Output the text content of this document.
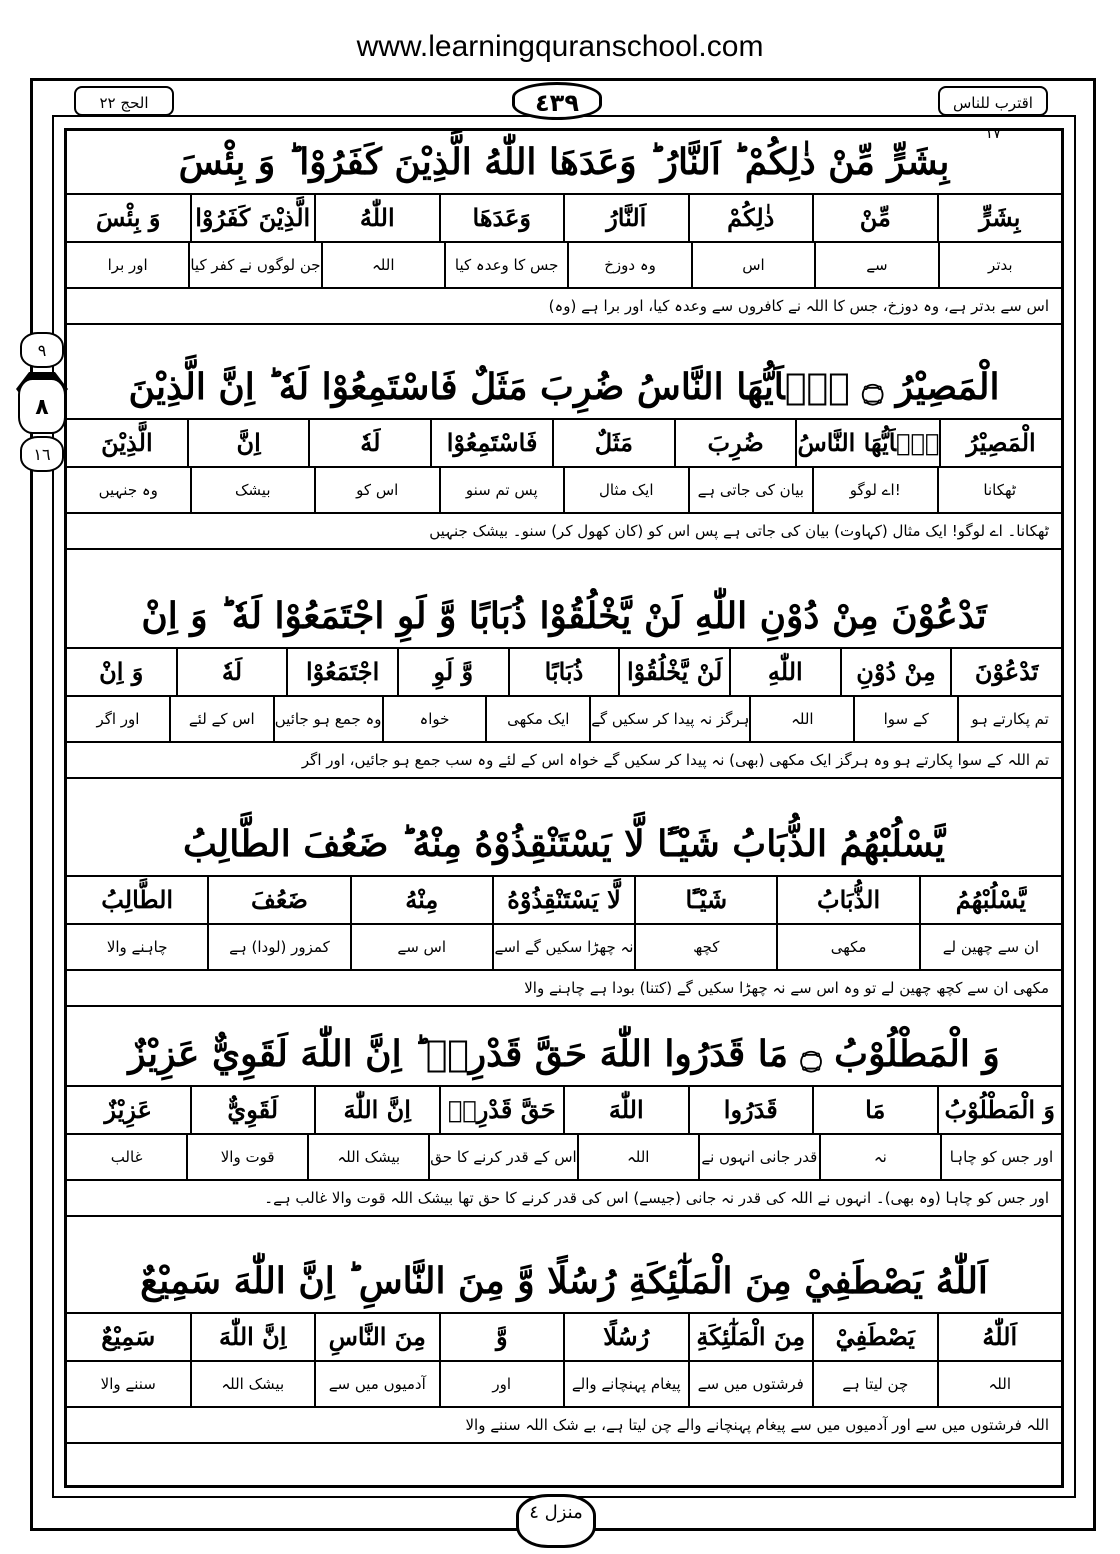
www.learningquranschool.com
الحج ٢٢	٤٣٩	اقترب للناس ١٧
٩
٨
١٦
بِشَرٍّ مِّنْ ذٰلِكُمْ ؕ اَلنَّارُ ؕ وَعَدَهَا اللّٰهُ الَّذِيْنَ كَفَرُوْا ؕ وَ بِئْسَ
بِشَرٍّ
مِّنْ
ذٰلِكُمْ
اَلنَّارُ
وَعَدَهَا
اللّٰهُ
الَّذِيْنَ كَفَرُوْا
وَ بِئْسَ
بدتر
سے
اس
وہ دوزخ
جس کا وعدہ کیا
اللہ
جن لوگوں نے کفر کیا
اور برا
اس سے بدتر ہے، وہ دوزخ، جس کا اللہ نے کافروں سے وعدہ کیا، اور برا ہے (وہ)
الْمَصِيْرُ ۝ يٰۤاَيُّهَا النَّاسُ ضُرِبَ مَثَلٌ فَاسْتَمِعُوْا لَهٗ ؕ اِنَّ الَّذِيْنَ
الْمَصِيْرُ
يٰۤاَيُّهَا النَّاسُ
ضُرِبَ
مَثَلٌ
فَاسْتَمِعُوْا
لَهٗ
اِنَّ
الَّذِيْنَ
ٹھکانا
اے لوگو!
بیان کی جاتی ہے
ایک مثال
پس تم سنو
اس کو
بیشک
وہ جنہیں
ٹھکانا۔ اے لوگو! ایک مثال (کہاوت) بیان کی جاتی ہے پس اس کو (کان کھول کر) سنو۔ بیشک جنہیں
تَدْعُوْنَ مِنْ دُوْنِ اللّٰهِ لَنْ يَّخْلُقُوْا ذُبَابًا وَّ لَوِ اجْتَمَعُوْا لَهٗ ؕ وَ اِنْ
تَدْعُوْنَ
مِنْ دُوْنِ
اللّٰهِ
لَنْ يَّخْلُقُوْا
ذُبَابًا
وَّ لَوِ
اجْتَمَعُوْا
لَهٗ
وَ اِنْ
تم پکارتے ہو
کے سوا
اللہ
ہرگز نہ پیدا کر سکیں گے
ایک مکھی
خواہ
وہ جمع ہو جائیں
اس کے لئے
اور اگر
تم اللہ کے سوا پکارتے ہو وہ ہرگز ایک مکھی (بھی) نہ پیدا کر سکیں گے خواہ اس کے لئے وہ سب جمع ہو جائیں، اور اگر
يَّسْلُبْهُمُ الذُّبَابُ شَيْـًٔا لَّا يَسْتَنْقِذُوْهُ مِنْهُ ؕ ضَعُفَ الطَّالِبُ
يَّسْلُبْهُمُ
الذُّبَابُ
شَيْـًٔا
لَّا يَسْتَنْقِذُوْهُ
مِنْهُ
ضَعُفَ
الطَّالِبُ
ان سے چھین لے
مکھی
کچھ
نہ چھڑا سکیں گے اسے
اس سے
کمزور (لودا) ہے
چاہنے والا
مکھی ان سے کچھ چھین لے تو وہ اس سے نہ چھڑا سکیں گے (کتنا) بودا ہے چاہنے والا
وَ الْمَطْلُوْبُ ۝ مَا قَدَرُوا اللّٰهَ حَقَّ قَدْرِهٖ ؕ اِنَّ اللّٰهَ لَقَوِيٌّ عَزِيْزٌ
وَ الْمَطْلُوْبُ
مَا
قَدَرُوا
اللّٰهَ
حَقَّ قَدْرِهٖ
اِنَّ اللّٰهَ
لَقَوِيٌّ
عَزِيْزٌ
اور جس کو چاہا
نہ
قدر جانی انہوں نے
اللہ
اس کے قدر کرنے کا حق
بیشک اللہ
قوت والا
غالب
اور جس کو چاہا (وہ بھی)۔ انہوں نے اللہ کی قدر نہ جانی (جیسے) اس کی قدر کرنے کا حق تھا بیشک اللہ قوت والا غالب ہے۔
اَللّٰهُ يَصْطَفِيْ مِنَ الْمَلٰٓئِكَةِ رُسُلًا وَّ مِنَ النَّاسِ ؕ اِنَّ اللّٰهَ سَمِيْعٌ
اَللّٰهُ
يَصْطَفِيْ
مِنَ الْمَلٰٓئِكَةِ
رُسُلًا
وَّ
مِنَ النَّاسِ
اِنَّ اللّٰهَ
سَمِيْعٌ
اللہ
چن لیتا ہے
فرشتوں میں سے
پیغام پہنچانے والے
اور
آدمیوں میں سے
بیشک اللہ
سننے والا
اللہ فرشتوں میں سے اور آدمیوں میں سے پیغام پہنچانے والے چن لیتا ہے، بے شک اللہ سننے والا
منزل ٤
